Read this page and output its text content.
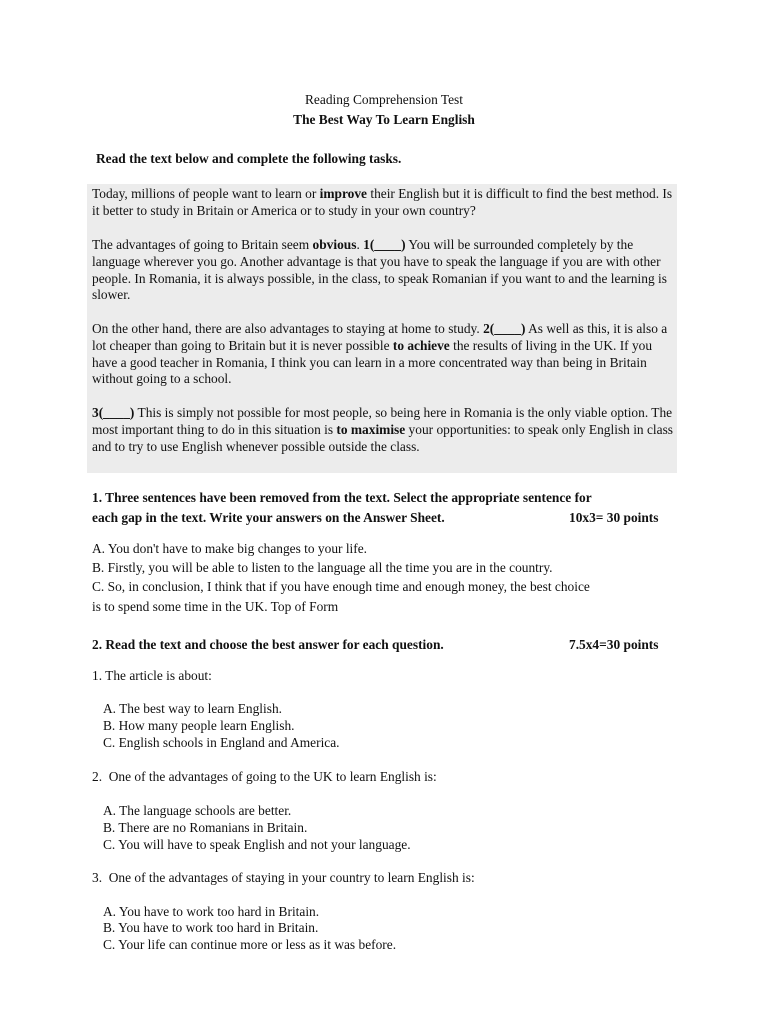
Reading Comprehension Test
The Best Way To Learn English
Read the text below and complete the following tasks.
Today, millions of people want to learn or improve their English but it is difficult to find the best method. Is it better to study in Britain or America or to study in your own country?
The advantages of going to Britain seem obvious. 1(____) You will be surrounded completely by the language wherever you go. Another advantage is that you have to speak the language if you are with other people. In Romania, it is always possible, in the class, to speak Romanian if you want to and the learning is slower.
On the other hand, there are also advantages to staying at home to study. 2(____) As well as this, it is also a lot cheaper than going to Britain but it is never possible to achieve the results of living in the UK. If you have a good teacher in Romania, I think you can learn in a more concentrated way than being in Britain without going to a school.
3(____) This is simply not possible for most people, so being here in Romania is the only viable option. The most important thing to do in this situation is to maximise your opportunities: to speak only English in class and to try to use English whenever possible outside the class.
1. Three sentences have been removed from the text. Select the appropriate sentence for
each gap in the text. Write your answers on the Answer Sheet.	10x3= 30 points
A. You don't have to make big changes to your life.
B. Firstly, you will be able to listen to the language all the time you are in the country.
C. So, in conclusion, I think that if you have enough time and enough money, the best choice
is to spend some time in the UK. Top of Form
2. Read the text and choose the best answer for each question.	7.5x4=30 points
1. The article is about:
A. The best way to learn English.
B. How many people learn English.
C. English schools in England and America.
2.  One of the advantages of going to the UK to learn English is:
A. The language schools are better.
B. There are no Romanians in Britain.
C. You will have to speak English and not your language.
3.  One of the advantages of staying in your country to learn English is:
A. You have to work too hard in Britain.
B. You have to work too hard in Britain.
C. Your life can continue more or less as it was before.
